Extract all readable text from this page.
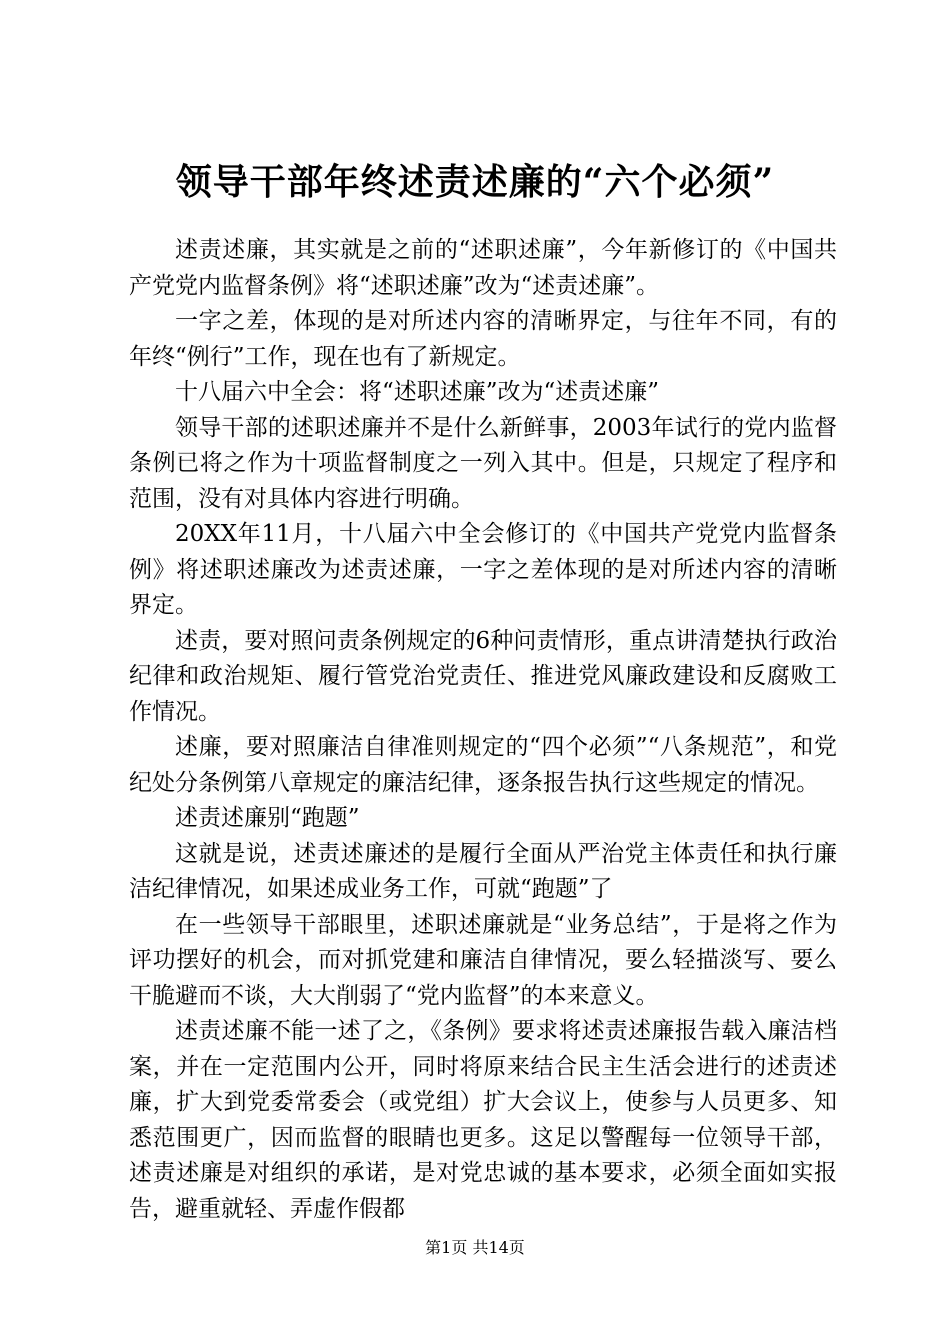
领导干部年终述责述廉的“六个必须”

述责述廉，其实就是之前的“述职述廉”，今年新修订的《中国共产党党内监督条例》将“述职述廉”改为“述责述廉”。

一字之差，体现的是对所述内容的清晰界定，与往年不同，有的年终“例行”工作，现在也有了新规定。

十八届六中全会：将“述职述廉”改为“述责述廉”

领导干部的述职述廉并不是什么新鲜事，2003年试行的党内监督条例已将之作为十项监督制度之一列入其中。但是，只规定了程序和范围，没有对具体内容进行明确。

20XX年11月，十八届六中全会修订的《中国共产党党内监督条例》将述职述廉改为述责述廉，一字之差体现的是对所述内容的清晰界定。

述责，要对照问责条例规定的6种问责情形，重点讲清楚执行政治纪律和政治规矩、履行管党治党责任、推进党风廉政建设和反腐败工作情况。

述廉，要对照廉洁自律准则规定的“四个必须”“八条规范”，和党纪处分条例第八章规定的廉洁纪律，逐条报告执行这些规定的情况。

述责述廉别“跑题”

这就是说，述责述廉述的是履行全面从严治党主体责任和执行廉洁纪律情况，如果述成业务工作，可就“跑题”了

在一些领导干部眼里，述职述廉就是“业务总结”，于是将之作为评功摆好的机会，而对抓党建和廉洁自律情况，要么轻描淡写、要么干脆避而不谈，大大削弱了“党内监督”的本来意义。

述责述廉不能一述了之，《条例》要求将述责述廉报告载入廉洁档案，并在一定范围内公开，同时将原来结合民主生活会进行的述责述廉，扩大到党委常委会（或党组）扩大会议上，使参与人员更多、知悉范围更广，因而监督的眼睛也更多。这足以警醒每一位领导干部，述责述廉是对组织的承诺，是对党忠诚的基本要求，必须全面如实报告，避重就轻、弄虚作假都

第1页 共14页
